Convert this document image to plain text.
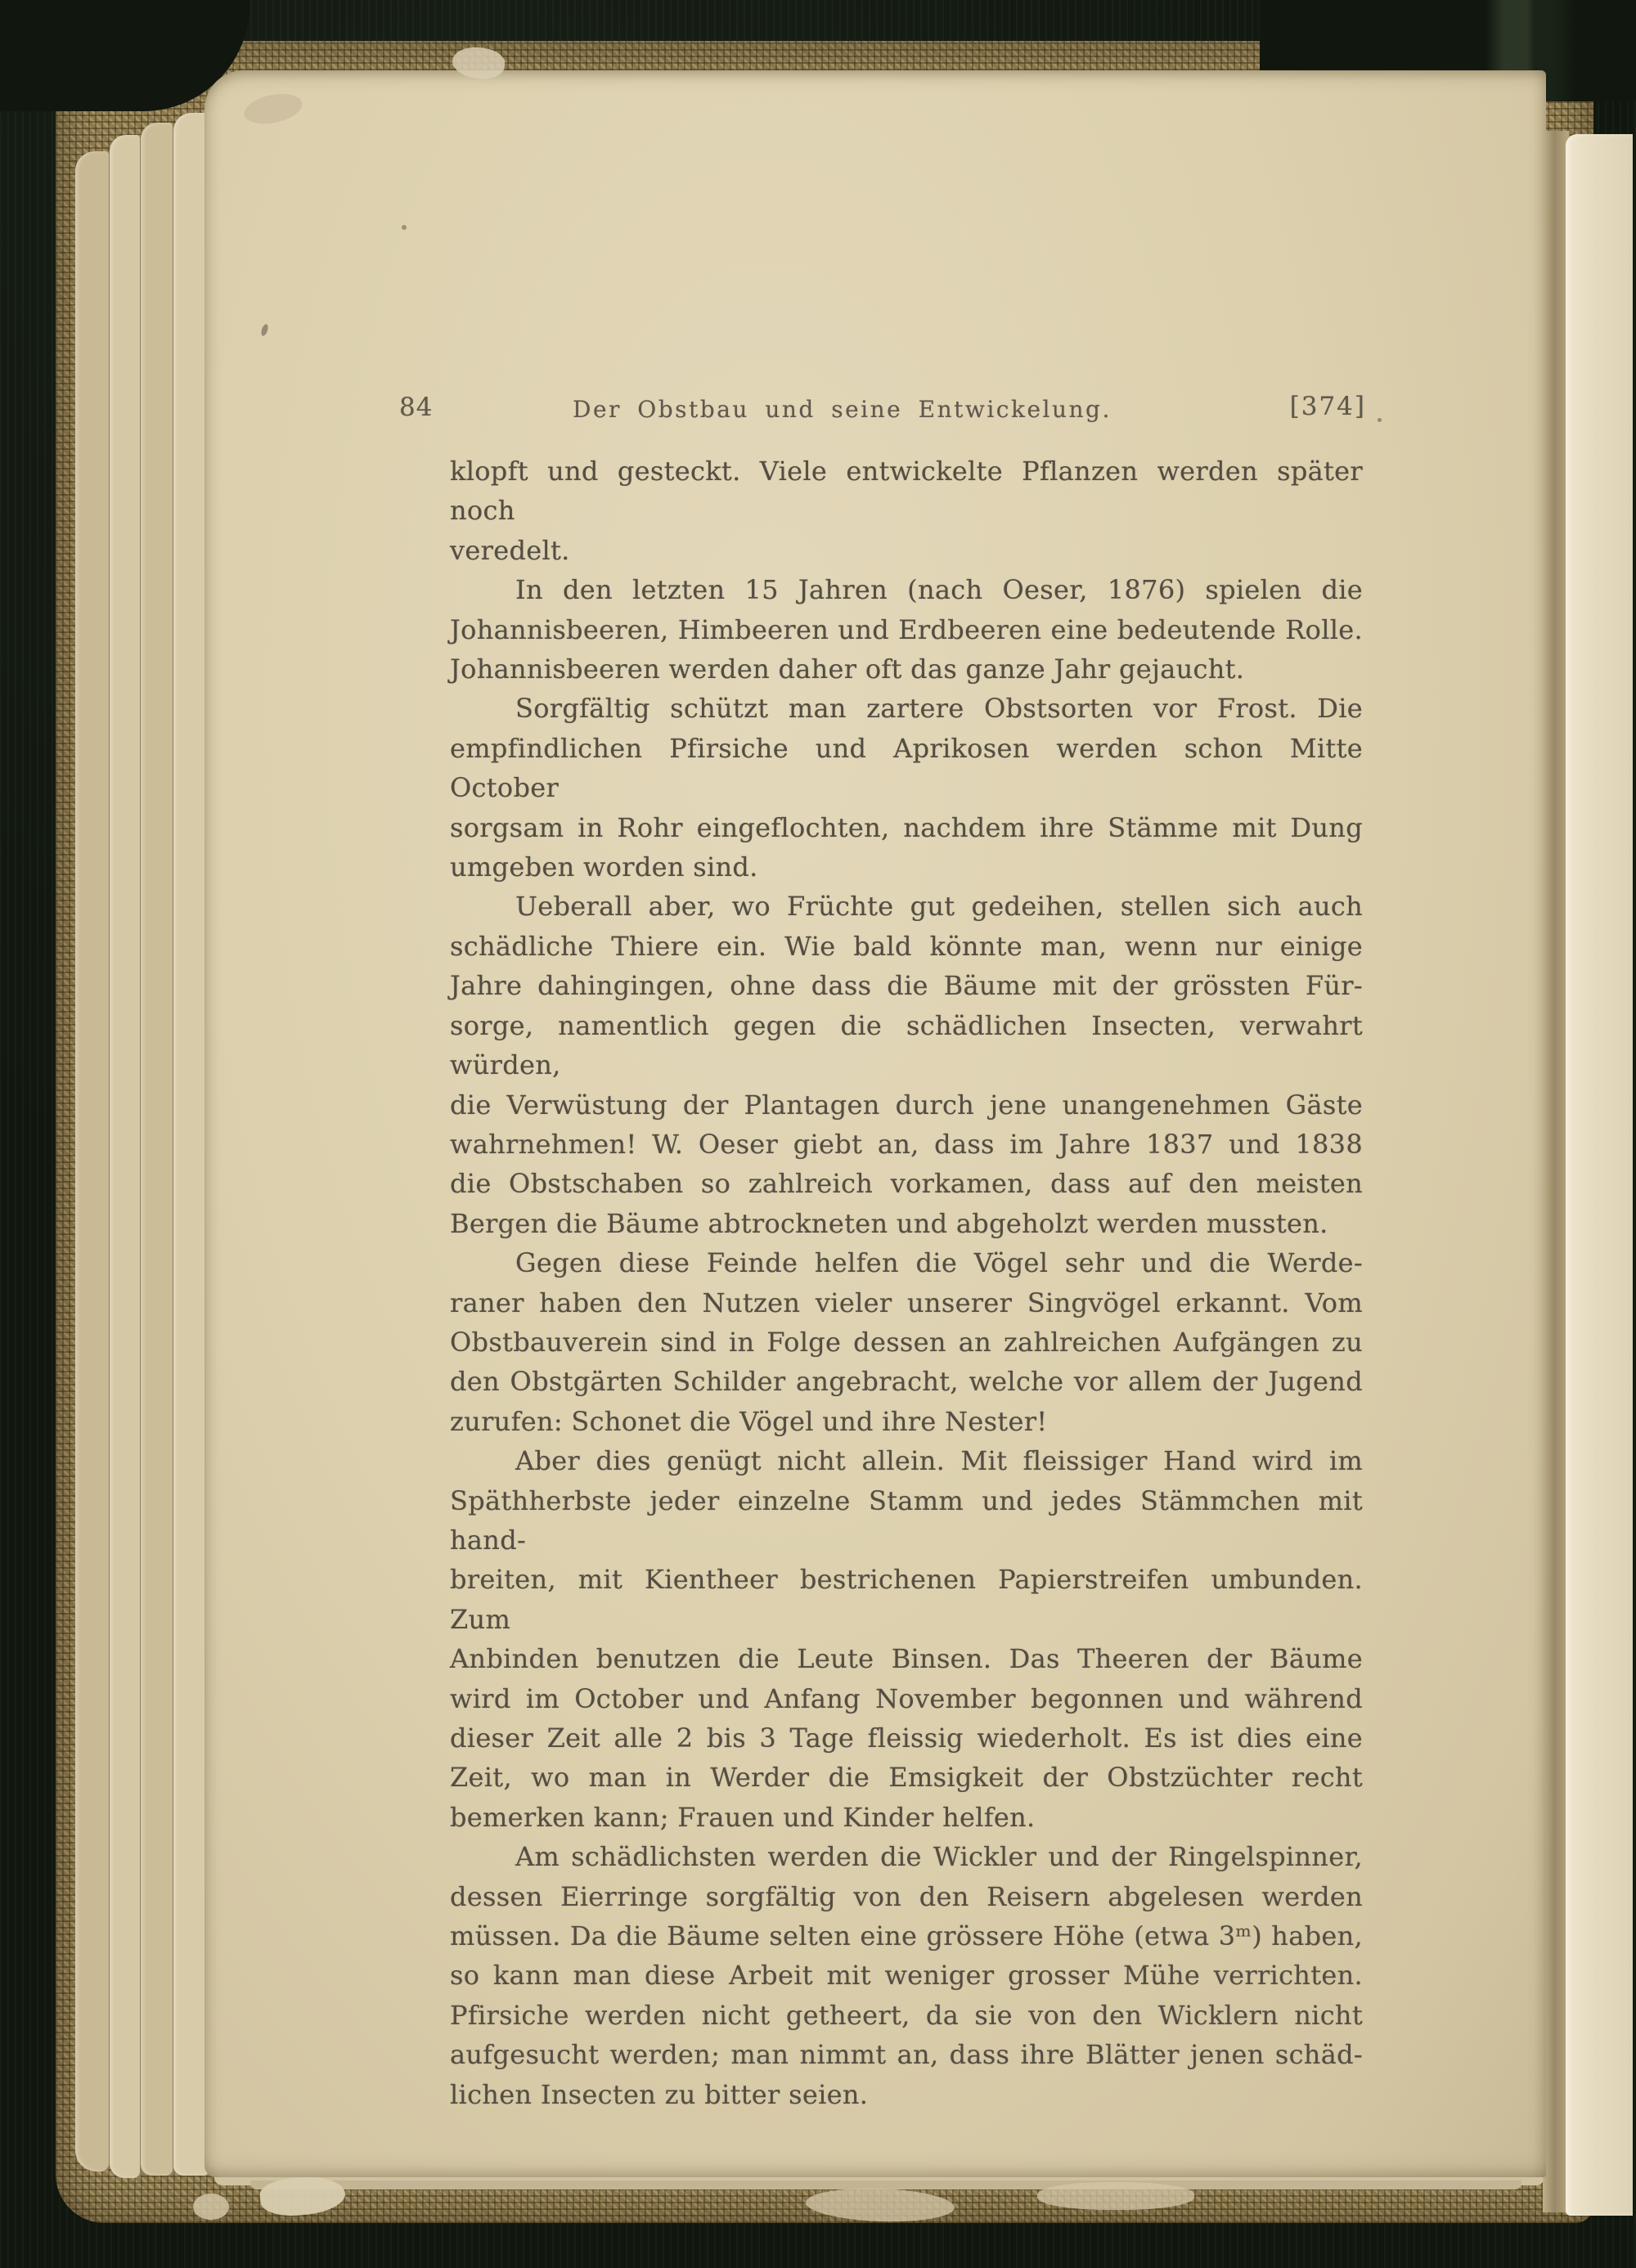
84	Der Obstbau und seine Entwickelung.	[374]
klopft und gesteckt. Viele entwickelte Pflanzen werden später noch
veredelt.
In den letzten 15 Jahren (nach Oeser, 1876) spielen die
Johannisbeeren, Himbeeren und Erdbeeren eine bedeutende Rolle.
Johannisbeeren werden daher oft das ganze Jahr gejaucht.
Sorgfältig schützt man zartere Obstsorten vor Frost. Die
empfindlichen Pfirsiche und Aprikosen werden schon Mitte October
sorgsam in Rohr eingeflochten, nachdem ihre Stämme mit Dung
umgeben worden sind.
Ueberall aber, wo Früchte gut gedeihen, stellen sich auch
schädliche Thiere ein. Wie bald könnte man, wenn nur einige
Jahre dahingingen, ohne dass die Bäume mit der grössten Für-
sorge, namentlich gegen die schädlichen Insecten, verwahrt würden,
die Verwüstung der Plantagen durch jene unangenehmen Gäste
wahrnehmen! W. Oeser giebt an, dass im Jahre 1837 und 1838
die Obstschaben so zahlreich vorkamen, dass auf den meisten
Bergen die Bäume abtrockneten und abgeholzt werden mussten.
Gegen diese Feinde helfen die Vögel sehr und die Werde-
raner haben den Nutzen vieler unserer Singvögel erkannt. Vom
Obstbauverein sind in Folge dessen an zahlreichen Aufgängen zu
den Obstgärten Schilder angebracht, welche vor allem der Jugend
zurufen: Schonet die Vögel und ihre Nester!
Aber dies genügt nicht allein. Mit fleissiger Hand wird im
Späthherbste jeder einzelne Stamm und jedes Stämmchen mit hand-
breiten, mit Kientheer bestrichenen Papierstreifen umbunden. Zum
Anbinden benutzen die Leute Binsen. Das Theeren der Bäume
wird im October und Anfang November begonnen und während
dieser Zeit alle 2 bis 3 Tage fleissig wiederholt. Es ist dies eine
Zeit, wo man in Werder die Emsigkeit der Obstzüchter recht
bemerken kann; Frauen und Kinder helfen.
Am schädlichsten werden die Wickler und der Ringelspinner,
dessen Eierringe sorgfältig von den Reisern abgelesen werden
müssen. Da die Bäume selten eine grössere Höhe (etwa 3ᵐ) haben,
so kann man diese Arbeit mit weniger grosser Mühe verrichten.
Pfirsiche werden nicht getheert, da sie von den Wicklern nicht
aufgesucht werden; man nimmt an, dass ihre Blätter jenen schäd-
lichen Insecten zu bitter seien.
